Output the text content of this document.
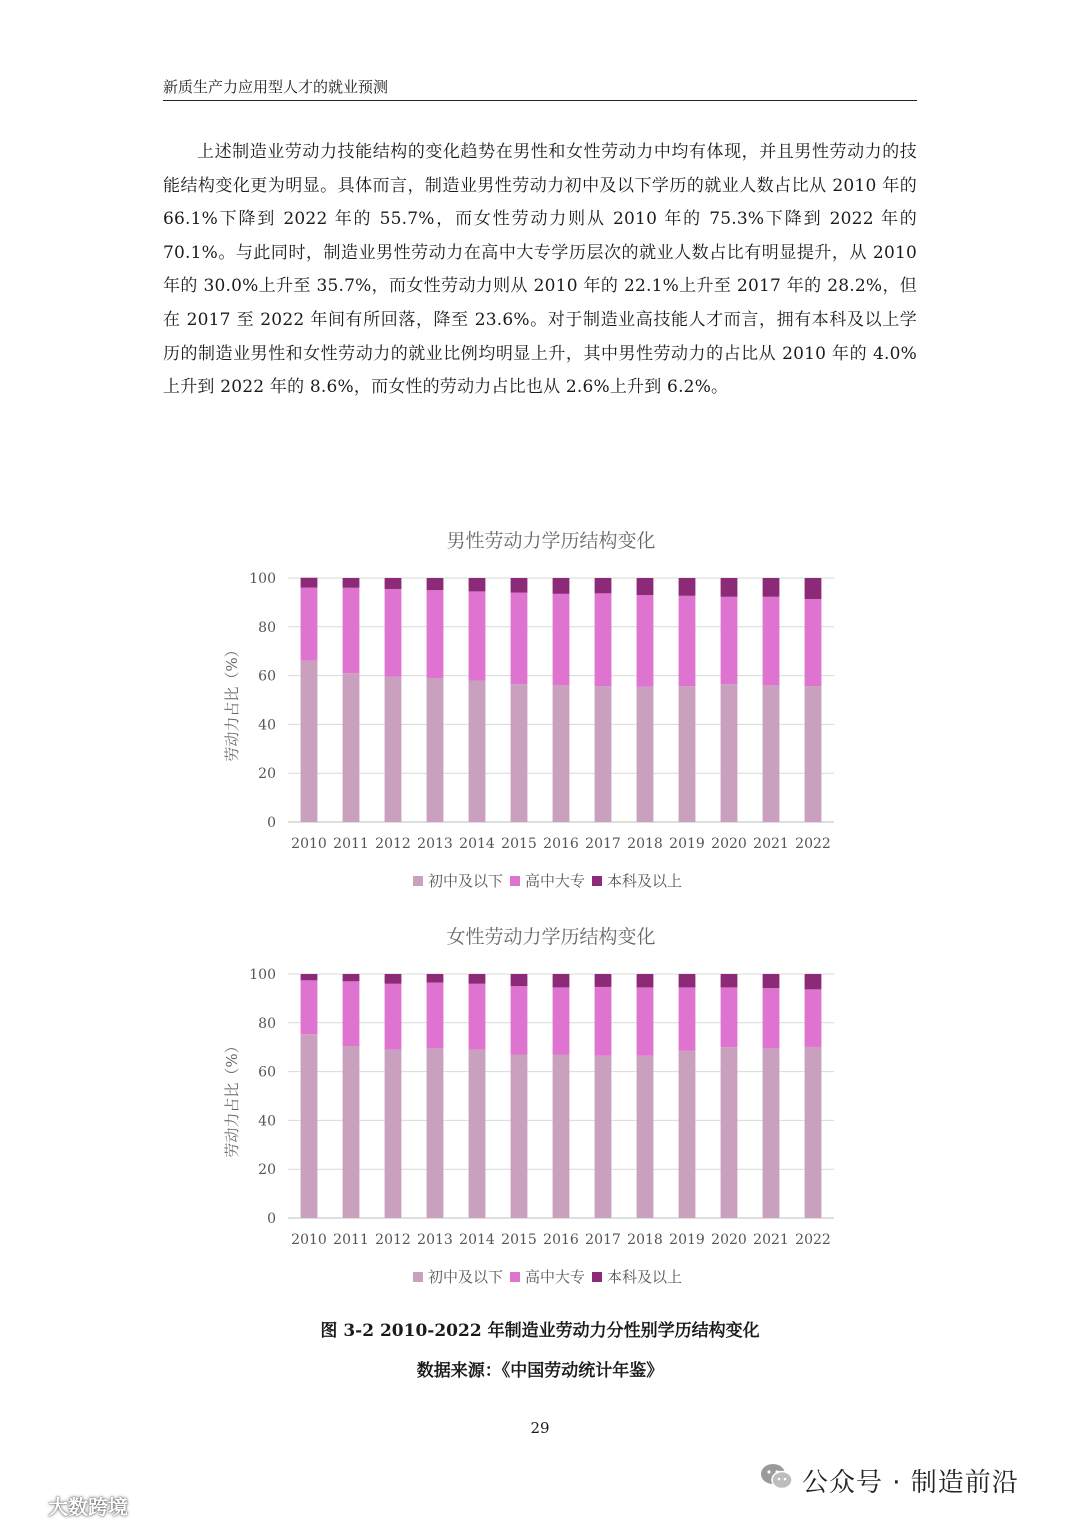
新质生产力应用型人才的就业预测
上述制造业劳动力技能结构的变化趋势在男性和女性劳动力中均有体现，并且男性劳动力的技能结构变化更为明显。具体而言，制造业男性劳动力初中及以下学历的就业人数占比从 2010 年的 66.1%下降到 2022 年的 55.7%，而女性劳动力则从 2010 年的 75.3%下降到 2022 年的 70.1%。与此同时，制造业男性劳动力在高中大专学历层次的就业人数占比有明显提升，从 2010 年的 30.0%上升至 35.7%，而女性劳动力则从 2010 年的 22.1%上升至 2017 年的 28.2%，但在 2017 至 2022 年间有所回落，降至 23.6%。对于制造业高技能人才而言，拥有本科及以上学历的制造业男性和女性劳动力的就业比例均明显上升，其中男性劳动力的占比从 2010 年的 4.0%上升到 2022 年的 8.6%，而女性的劳动力占比也从 2.6%上升到 6.2%。
男性劳动力学历结构变化
0
20
40
60
80
100
劳动力占比（%）
2010 2011 2012 2013 2014 2015 2016 2017 2018 2019 2020 2021 2022
初中及以下 高中大专 本科及以上
女性劳动力学历结构变化
0
20
40
60
80
100
劳动力占比（%）
2010 2011 2012 2013 2014 2015 2016 2017 2018 2019 2020 2021 2022
初中及以下 高中大专 本科及以上
图 3-2 2010-2022 年制造业劳动力分性别学历结构变化
数据来源：《中国劳动统计年鉴》
29
公众号 · 制造前沿
大数跨境
